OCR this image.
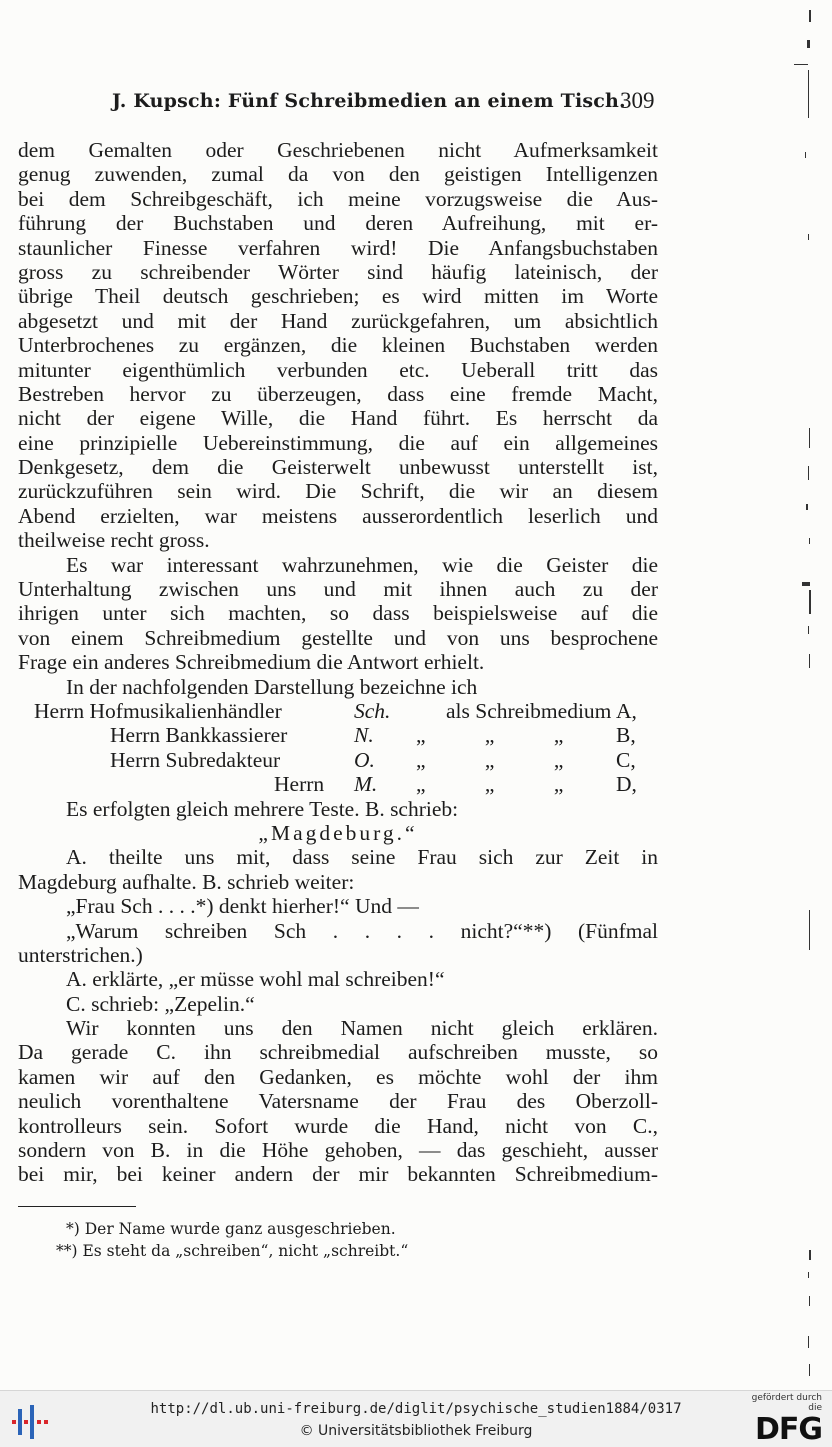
J. Kupsch: Fünf Schreibmedien an einem Tisch.
309
dem Gemalten oder Geschriebenen nicht Aufmerksamkeit
genug zuwenden, zumal da von den geistigen Intelligenzen
bei dem Schreibgeschäft, ich meine vorzugsweise die Aus-
führung der Buchstaben und deren Aufreihung, mit er-
staunlicher Finesse verfahren wird! Die Anfangsbuchstaben
gross zu schreibender Wörter sind häufig lateinisch, der
übrige Theil deutsch geschrieben; es wird mitten im Worte
abgesetzt und mit der Hand zurückgefahren, um absichtlich
Unterbrochenes zu ergänzen, die kleinen Buchstaben werden
mitunter eigenthümlich verbunden etc. Ueberall tritt das
Bestreben hervor zu überzeugen, dass eine fremde Macht,
nicht der eigene Wille, die Hand führt. Es herrscht da
eine prinzipielle Uebereinstimmung, die auf ein allgemeines
Denkgesetz, dem die Geisterwelt unbewusst unterstellt ist,
zurückzuführen sein wird. Die Schrift, die wir an diesem
Abend erzielten, war meistens ausserordentlich leserlich und
theilweise recht gross.
Es war interessant wahrzunehmen, wie die Geister die
Unterhaltung zwischen uns und mit ihnen auch zu der
ihrigen unter sich machten, so dass beispielsweise auf die
von einem Schreibmedium gestellte und von uns besprochene
Frage ein anderes Schreibmedium die Antwort erhielt.
In der nachfolgenden Darstellung bezeichne ich
Herrn Hofmusikalienhändler	Sch.	als Schreibmedium A,
Herrn Bankkassierer	N. „ „ „ B,
Herrn Subredakteur	O. „ „ „ C,
Herrn M. „ „ „ D,
Es erfolgten gleich mehrere Teste. B. schrieb:
„Magdeburg.“
A. theilte uns mit, dass seine Frau sich zur Zeit in
Magdeburg aufhalte. B. schrieb weiter:
„Frau Sch . . . .*) denkt hierher!“ Und —
„Warum schreiben Sch . . . . nicht?“**) (Fünfmal
unterstrichen.)
A. erklärte, „er müsse wohl mal schreiben!“
C. schrieb: „Zepelin.“
Wir konnten uns den Namen nicht gleich erklären.
Da gerade C. ihn schreibmedial aufschreiben musste, so
kamen wir auf den Gedanken, es möchte wohl der ihm
neulich vorenthaltene Vatersname der Frau des Oberzoll-
kontrolleurs sein. Sofort wurde die Hand, nicht von C.,
sondern von B. in die Höhe gehoben, — das geschieht, ausser
bei mir, bei keiner andern der mir bekannten Schreibmedium-
*) Der Name wurde ganz ausgeschrieben.
**) Es steht da „schreiben“, nicht „schreibt.“
http://dl.ub.uni-freiburg.de/diglit/psychische_studien1884/0317
© Universitätsbibliothek Freiburg
gefördert durch die
DFG
